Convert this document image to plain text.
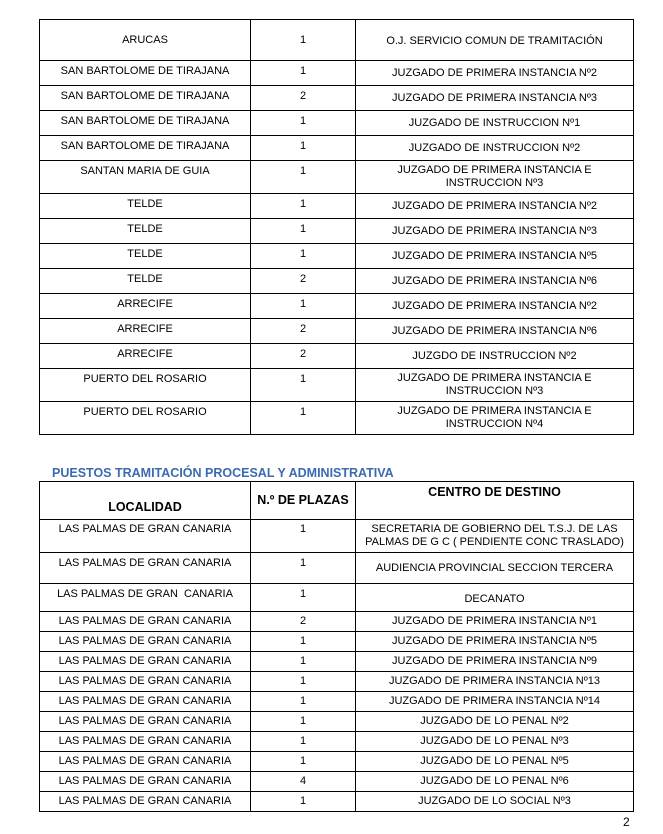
ARUCAS	1	O.J. SERVICIO COMUN DE TRAMITACIÓN
SAN BARTOLOME DE TIRAJANA	1	JUZGADO DE PRIMERA INSTANCIA Nº2
SAN BARTOLOME DE TIRAJANA	2	JUZGADO DE PRIMERA INSTANCIA Nº3
SAN BARTOLOME DE TIRAJANA	1	JUZGADO DE INSTRUCCION Nº1
SAN BARTOLOME DE TIRAJANA	1	JUZGADO DE INSTRUCCION Nº2
SANTAN MARIA DE GUIA	1	JUZGADO DE PRIMERA INSTANCIA E INSTRUCCION Nº3
TELDE	1	JUZGADO DE PRIMERA INSTANCIA Nº2
TELDE	1	JUZGADO DE PRIMERA INSTANCIA Nº3
TELDE	1	JUZGADO DE PRIMERA INSTANCIA Nº5
TELDE	2	JUZGADO DE PRIMERA INSTANCIA Nº6
ARRECIFE	1	JUZGADO DE PRIMERA INSTANCIA Nº2
ARRECIFE	2	JUZGADO DE PRIMERA INSTANCIA Nº6
ARRECIFE	2	JUZGDO DE INSTRUCCION Nº2
PUERTO DEL ROSARIO	1	JUZGADO DE PRIMERA INSTANCIA E INSTRUCCION Nº3
PUERTO DEL ROSARIO	1	JUZGADO DE PRIMERA INSTANCIA E INSTRUCCION Nº4
PUESTOS TRAMITACIÓN PROCESAL Y ADMINISTRATIVA
LOCALIDAD	N.º DE PLAZAS	CENTRO DE DESTINO
LAS PALMAS DE GRAN CANARIA	1	SECRETARIA DE GOBIERNO DEL T.S.J. DE LAS PALMAS DE G C ( PENDIENTE CONC TRASLADO)
LAS PALMAS DE GRAN CANARIA	1	AUDIENCIA PROVINCIAL SECCION TERCERA
LAS PALMAS DE GRAN  CANARIA	1	DECANATO
LAS PALMAS DE GRAN CANARIA	2	JUZGADO DE PRIMERA INSTANCIA Nº1
LAS PALMAS DE GRAN CANARIA	1	JUZGADO DE PRIMERA INSTANCIA Nº5
LAS PALMAS DE GRAN CANARIA	1	JUZGADO DE PRIMERA INSTANCIA Nº9
LAS PALMAS DE GRAN CANARIA	1	JUZGADO DE PRIMERA INSTANCIA Nº13
LAS PALMAS DE GRAN CANARIA	1	JUZGADO DE PRIMERA INSTANCIA Nº14
LAS PALMAS DE GRAN CANARIA	1	JUZGADO DE LO PENAL Nº2
LAS PALMAS DE GRAN CANARIA	1	JUZGADO DE LO PENAL Nº3
LAS PALMAS DE GRAN CANARIA	1	JUZGADO DE LO PENAL Nº5
LAS PALMAS DE GRAN CANARIA	4	JUZGADO DE LO PENAL Nº6
LAS PALMAS DE GRAN CANARIA	1	JUZGADO DE LO SOCIAL Nº3
2
